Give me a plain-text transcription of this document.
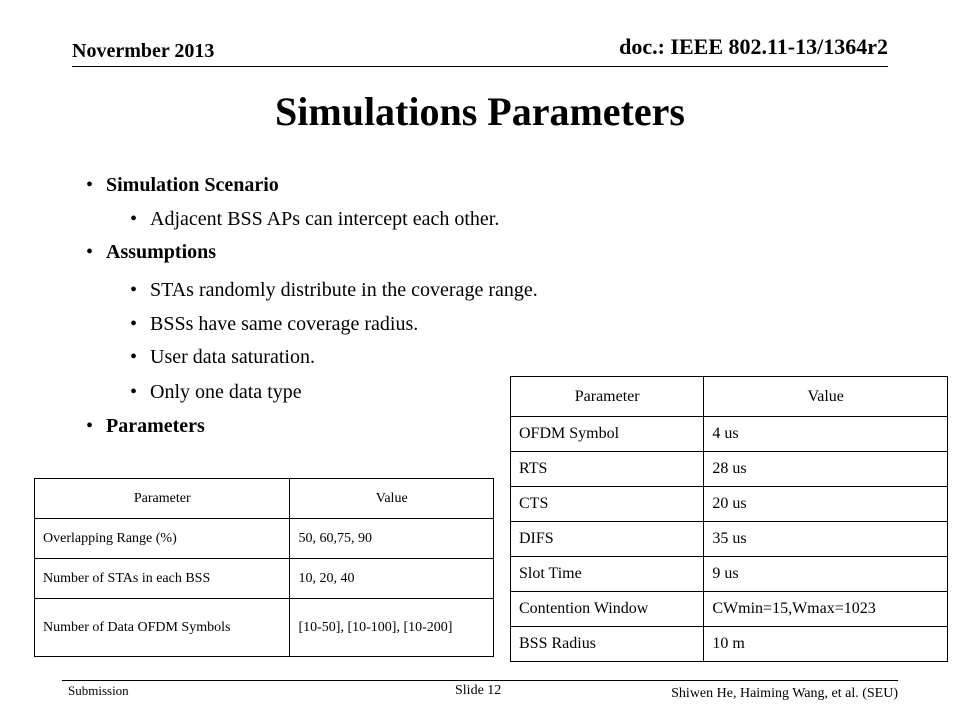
Novermber 2013	doc.: IEEE 802.11-13/1364r2
Simulations Parameters
• Simulation Scenario
• Adjacent BSS APs can intercept each other.
• Assumptions
• STAs randomly distribute in the coverage range.
• BSSs have same coverage radius.
• User data saturation.
• Only one data type
• Parameters
Parameter	Value
Overlapping Range (%)	50, 60,75, 90
Number of STAs in each BSS	10, 20, 40
Number of Data OFDM Symbols	[10-50], [10-100], [10-200]
Parameter	Value
OFDM Symbol	4 us
RTS	28 us
CTS	20 us
DIFS	35 us
Slot Time	9 us
Contention Window	CWmin=15,Wmax=1023
BSS Radius	10 m
Submission	Slide 12	Shiwen He, Haiming Wang, et al. (SEU)
